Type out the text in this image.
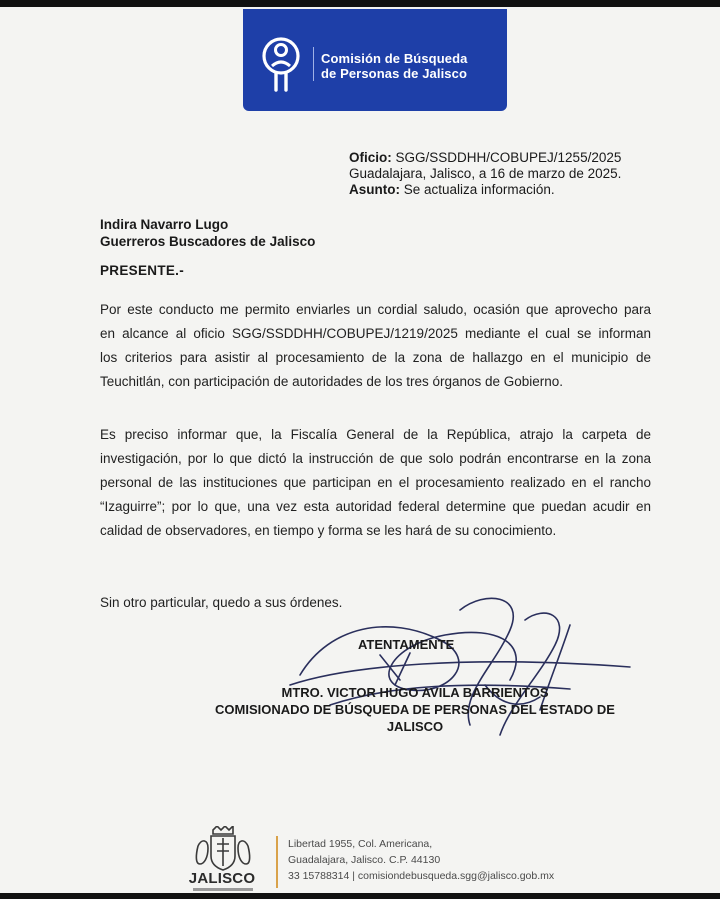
Comisión de Búsqueda
de Personas de Jalisco
Oficio: SGG/SSDDHH/COBUPEJ/1255/2025
Guadalajara, Jalisco, a 16 de marzo de 2025.
Asunto: Se actualiza información.
Indira Navarro Lugo
Guerreros Buscadores de Jalisco
PRESENTE.-
Por este conducto me permito enviarles un cordial saludo, ocasión que aprovecho para
en alcance al oficio SGG/SSDDHH/COBUPEJ/1219/2025 mediante el cual se informan
los criterios para asistir al procesamiento de la zona de hallazgo en el municipio de
Teuchitlán, con participación de autoridades de los tres órganos de Gobierno.
Es preciso informar que, la Fiscalía General de la República, atrajo la carpeta de
investigación, por lo que dictó la instrucción de que solo podrán encontrarse en la zona
personal de las instituciones que participan en el procesamiento realizado en el rancho
“Izaguirre”; por lo que, una vez esta autoridad federal determine que puedan acudir en
calidad de observadores, en tiempo y forma se les hará de su conocimiento.
Sin otro particular, quedo a sus órdenes.
ATENTAMENTE
MTRO. VICTOR HUGO AVILA BARRIENTOS
COMISIONADO DE BÚSQUEDA DE PERSONAS DEL ESTADO DE
JALISCO
JALISCO
Libertad 1955, Col. Americana,
Guadalajara, Jalisco. C.P. 44130
33 15788314 | comisiondebusqueda.sgg@jalisco.gob.mx
